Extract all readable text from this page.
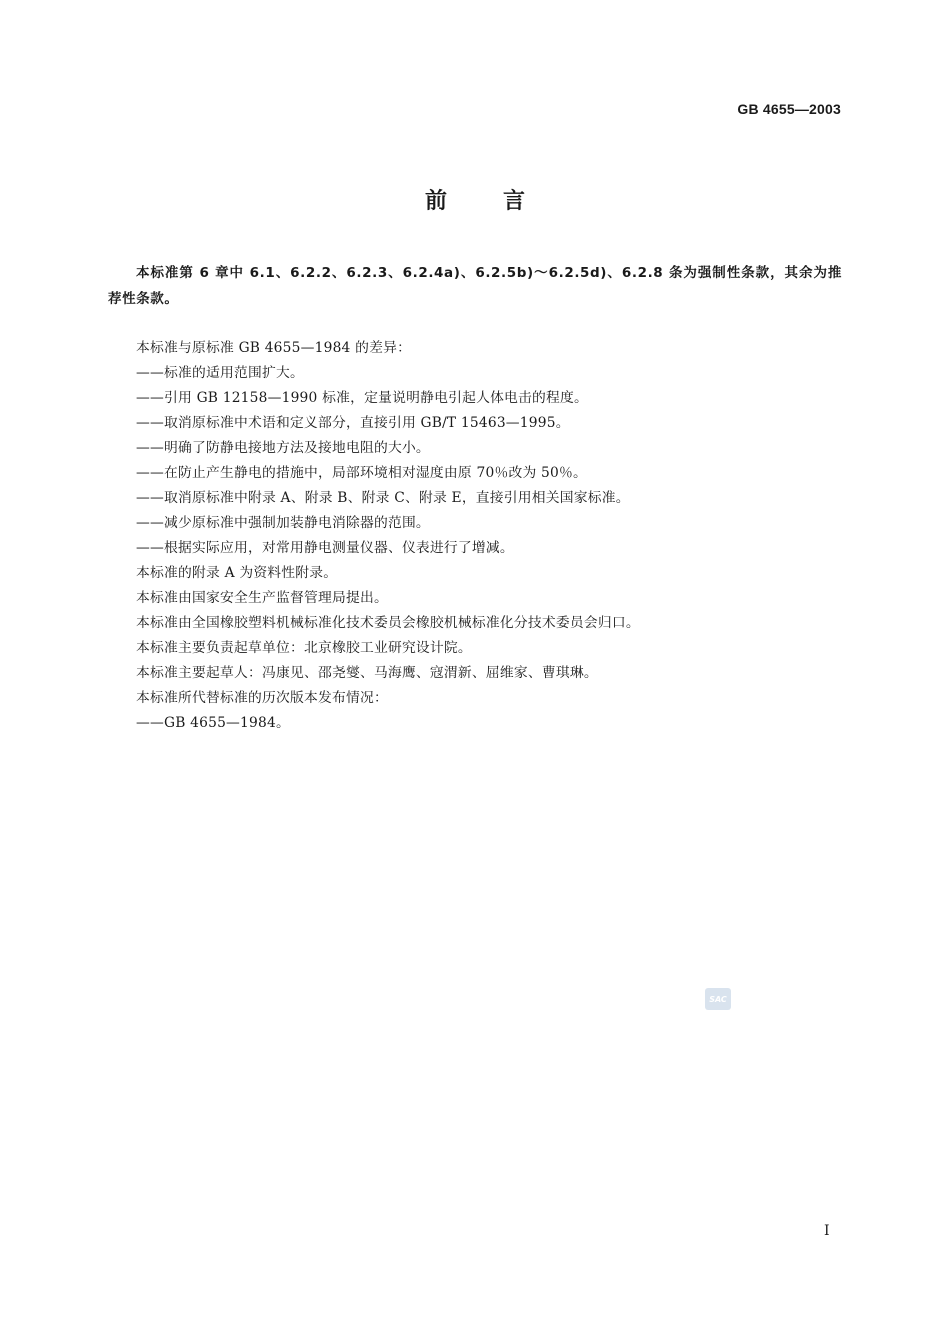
GB 4655—2003
前	言
本标准第 6 章中 6.1、6.2.2、6.2.3、6.2.4a)、6.2.5b)～6.2.5d)、6.2.8 条为强制性条款，其余为推荐性条款。
本标准与原标准 GB 4655—1984 的差异：
——标准的适用范围扩大。
——引用 GB 12158—1990 标准，定量说明静电引起人体电击的程度。
——取消原标准中术语和定义部分，直接引用 GB/T 15463—1995。
——明确了防静电接地方法及接地电阻的大小。
——在防止产生静电的措施中，局部环境相对湿度由原 70％改为 50％。
——取消原标准中附录 A、附录 B、附录 C、附录 E，直接引用相关国家标准。
——减少原标准中强制加装静电消除器的范围。
——根据实际应用，对常用静电测量仪器、仪表进行了增减。
本标准的附录 A 为资料性附录。
本标准由国家安全生产监督管理局提出。
本标准由全国橡胶塑料机械标准化技术委员会橡胶机械标准化分技术委员会归口。
本标准主要负责起草单位：北京橡胶工业研究设计院。
本标准主要起草人：冯康见、邵尧燮、马海鹰、寇渭新、屈维家、曹琪琳。
本标准所代替标准的历次版本发布情况：
——GB 4655—1984。
SAC
I
